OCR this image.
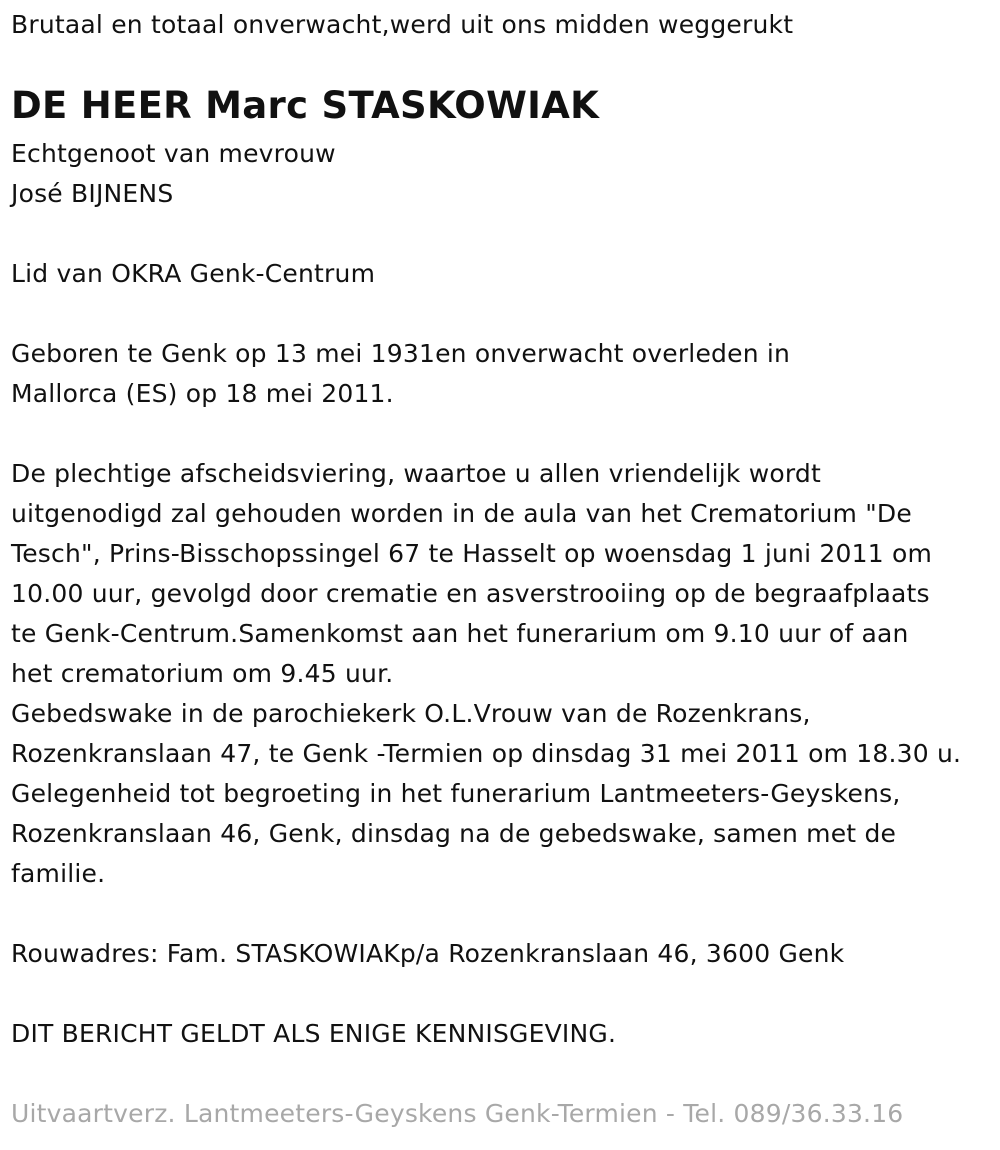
Brutaal en totaal onverwacht,werd uit ons midden weggerukt
DE HEER Marc STASKOWIAK
Echtgenoot van mevrouw
José BIJNENS
Lid van OKRA Genk-Centrum
Geboren te Genk op 13 mei 1931en onverwacht overleden in
Mallorca (ES) op 18 mei 2011.
De plechtige afscheidsviering, waartoe u allen vriendelijk wordt
uitgenodigd zal gehouden worden in de aula van het Crematorium "De
Tesch", Prins-Bisschopssingel 67 te Hasselt op woensdag 1 juni 2011 om
10.00 uur, gevolgd door crematie en asverstrooiing op de begraafplaats
te Genk-Centrum.Samenkomst aan het funerarium om 9.10 uur of aan
het crematorium om 9.45 uur.
Gebedswake in de parochiekerk O.L.Vrouw van de Rozenkrans,
Rozenkranslaan 47, te Genk -Termien op dinsdag 31 mei 2011 om 18.30 u.
Gelegenheid tot begroeting in het funerarium Lantmeeters-Geyskens,
Rozenkranslaan 46, Genk, dinsdag na de gebedswake, samen met de
familie.
Rouwadres: Fam. STASKOWIAKp/a Rozenkranslaan 46, 3600 Genk
DIT BERICHT GELDT ALS ENIGE KENNISGEVING.
Uitvaartverz. Lantmeeters-Geyskens Genk-Termien - Tel. 089/36.33.16
